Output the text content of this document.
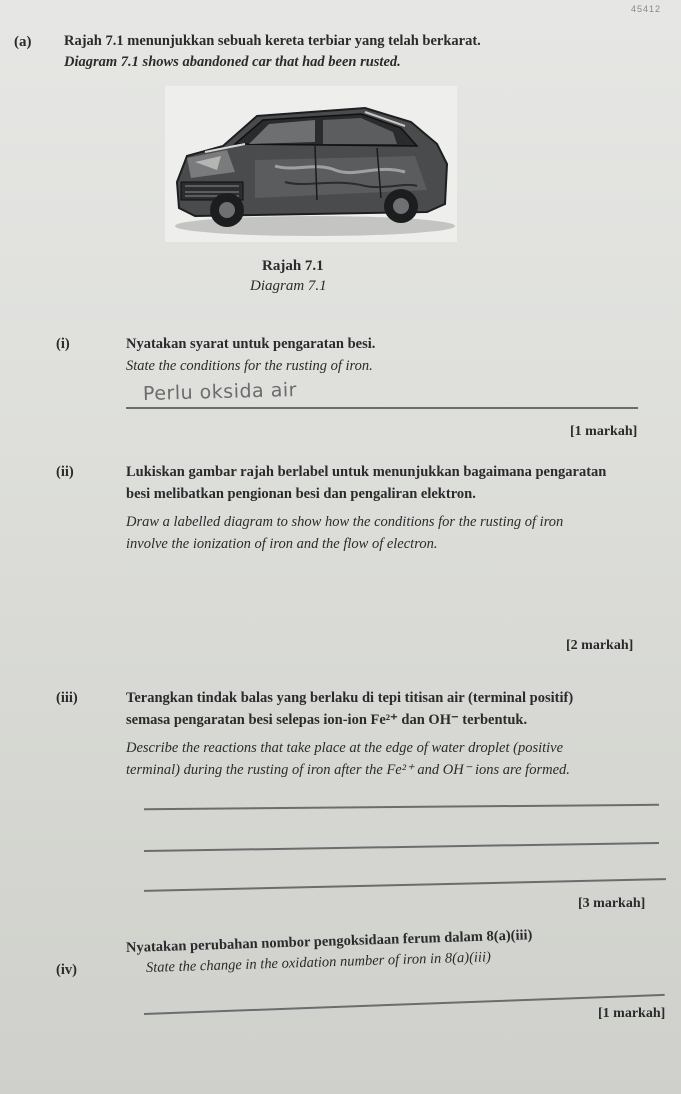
45412
(a) Rajah 7.1 menunjukkan sebuah kereta terbiar yang telah berkarat.
Diagram 7.1 shows abandoned car that had been rusted.
Rajah 7.1
Diagram 7.1
(i)	Nyatakan syarat untuk pengaratan besi.
State the conditions for the rusting of iron.
Perlu oksida air
[1 markah]
(ii)	Lukiskan gambar rajah berlabel untuk menunjukkan bagaimana pengaratan
besi melibatkan pengionan besi dan pengaliran elektron.
Draw a labelled diagram to show how the conditions for the rusting of iron
involve the ionization of iron and the flow of electron.
[2 markah]
(iii)	Terangkan tindak balas yang berlaku di tepi titisan air (terminal positif)
semasa pengaratan besi selepas ion-ion Fe²⁺ dan OH⁻ terbentuk.
Describe the reactions that take place at the edge of water droplet (positive
terminal) during the rusting of iron after the Fe²⁺ and OH⁻ ions are formed.
[3 markah]
(iv)
Nyatakan perubahan nombor pengoksidaan ferum dalam 8(a)(iii)
State the change in the oxidation number of iron in 8(a)(iii)
[1 markah]
